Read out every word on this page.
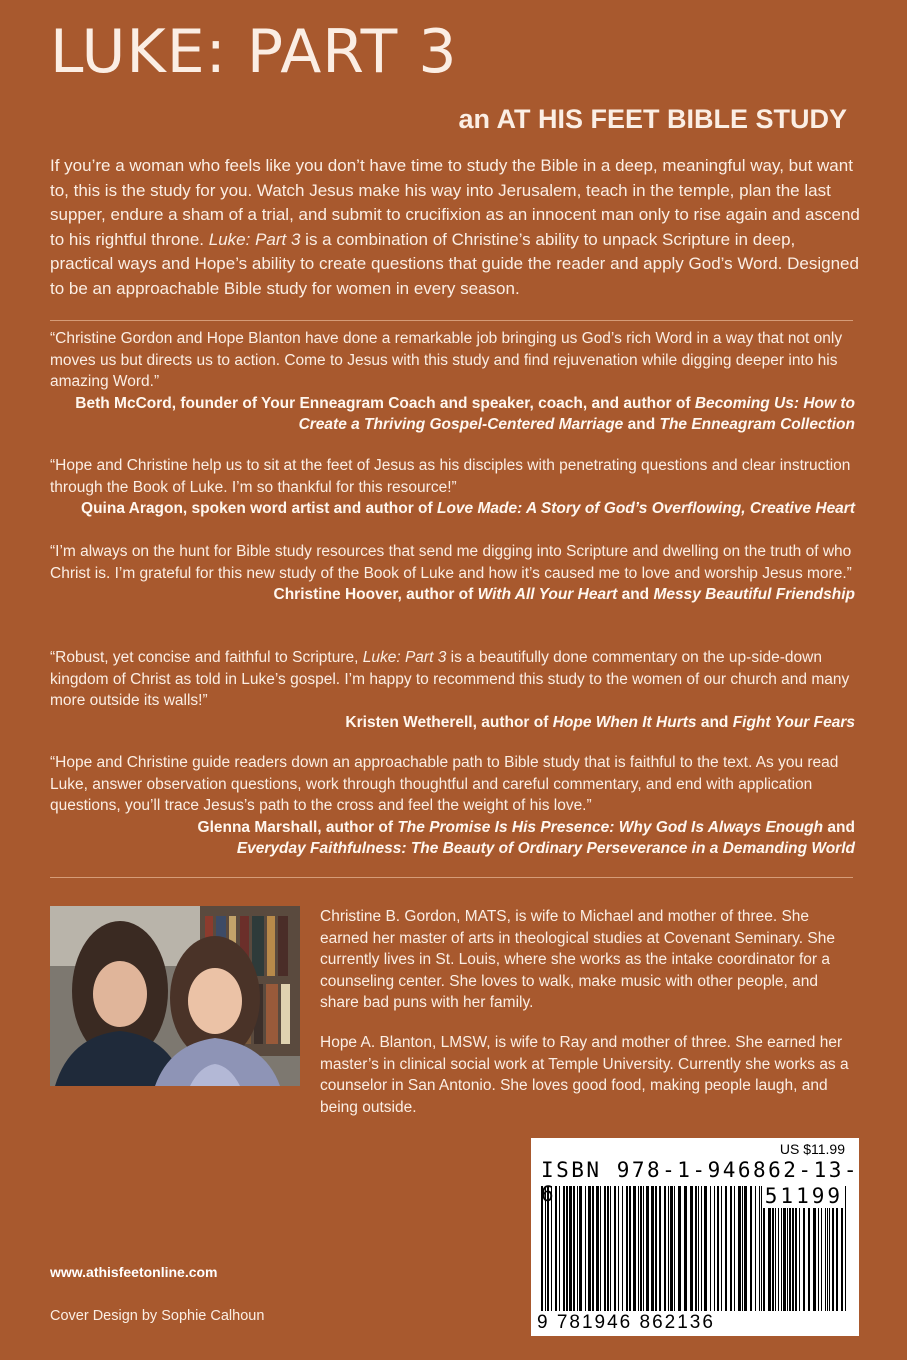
LUKE: PART 3
an AT HIS FEET BIBLE STUDY

If you’re a woman who feels like you don’t have time to study the Bible in a deep, meaningful way, but want to, this is the study for you. Watch Jesus make his way into Jerusalem, teach in the temple, plan the last supper, endure a sham of a trial, and submit to crucifixion as an innocent man only to rise again and ascend to his rightful throne. Luke: Part 3 is a combination of Christine’s ability to unpack Scripture in deep, practical ways and Hope’s ability to create questions that guide the reader and apply God’s Word. Designed to be an approachable Bible study for women in every season.

“Christine Gordon and Hope Blanton have done a remarkable job bringing us God’s rich Word in a way that not only moves us but directs us to action. Come to Jesus with this study and find rejuvenation while digging deeper into his amazing Word.”

Beth McCord, founder of Your Enneagram Coach and speaker, coach, and author of Becoming Us: How to Create a Thriving Gospel-Centered Marriage and The Enneagram Collection

“Hope and Christine help us to sit at the feet of Jesus as his disciples with penetrating questions and clear instruction through the Book of Luke. I’m so thankful for this resource!”

Quina Aragon, spoken word artist and author of Love Made: A Story of God’s Overflowing, Creative Heart

“I’m always on the hunt for Bible study resources that send me digging into Scripture and dwelling on the truth of who Christ is. I’m grateful for this new study of the Book of Luke and how it’s caused me to love and worship Jesus more.”

Christine Hoover, author of With All Your Heart and Messy Beautiful Friendship

“Robust, yet concise and faithful to Scripture, Luke: Part 3 is a beautifully done commentary on the up-side-down kingdom of Christ as told in Luke’s gospel. I’m happy to recommend this study to the women of our church and many more outside its walls!”

Kristen Wetherell, author of Hope When It Hurts and Fight Your Fears

“Hope and Christine guide readers down an approachable path to Bible study that is faithful to the text. As you read Luke, answer observation questions, work through thoughtful and careful commentary, and end with application questions, you’ll trace Jesus’s path to the cross and feel the weight of his love.”

Glenna Marshall, author of The Promise Is His Presence: Why God Is Always Enough and
Everyday Faithfulness: The Beauty of Ordinary Perseverance in a Demanding World

Christine B. Gordon, MATS, is wife to Michael and mother of three. She earned her master of arts in theological studies at Covenant Seminary. She currently lives in St. Louis, where she works as the intake coordinator for a counseling center. She loves to walk, make music with other people, and share bad puns with her family.

Hope A. Blanton, LMSW, is wife to Ray and mother of three. She earned her master’s in clinical social work at Temple University. Currently she works as a counselor in San Antonio. She loves good food, making people laugh, and being outside.

www.athisfeetonline.com

Cover Design by Sophie Calhoun

US $11.99
ISBN 978-1-946862-13-
51199
9 781946 862136
